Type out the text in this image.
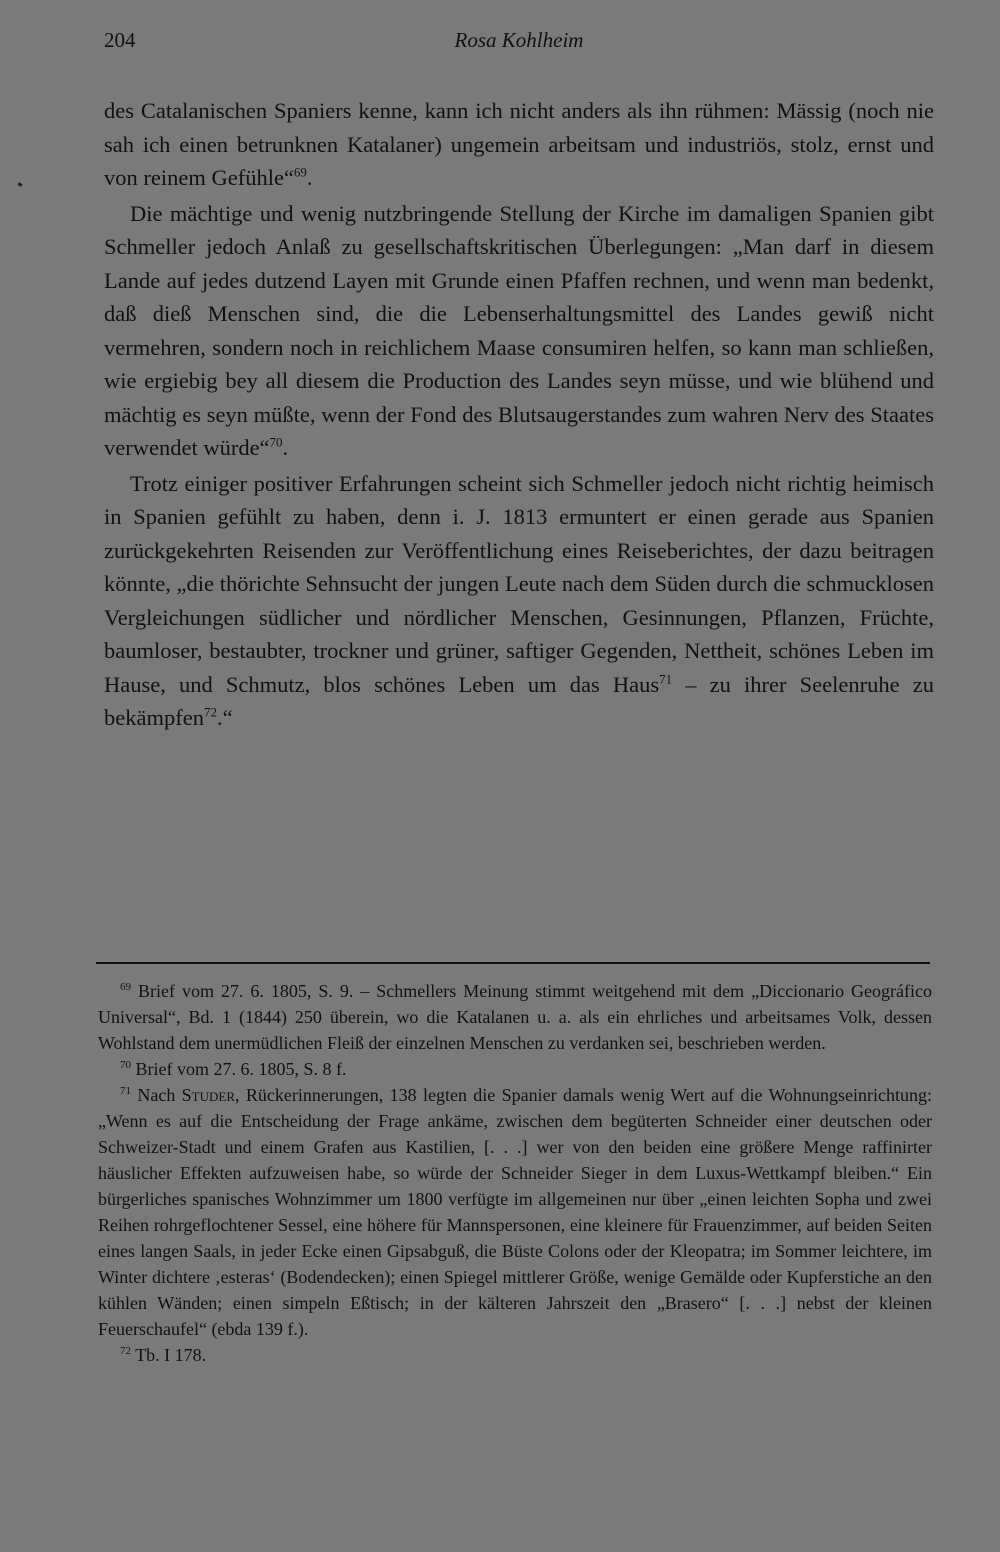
204	Rosa Kohlheim

des Catalanischen Spaniers kenne, kann ich nicht anders als ihn rühmen: Mässig (noch nie sah ich einen betrunknen Katalaner) ungemein arbeitsam und industriös, stolz, ernst und von reinem Gefühle“$^{69}$.

Die mächtige und wenig nutzbringende Stellung der Kirche im damaligen Spanien gibt Schmeller jedoch Anlaß zu gesellschaftskritischen Überlegungen: „Man darf in diesem Lande auf jedes dutzend Layen mit Grunde einen Pfaffen rechnen, und wenn man bedenkt, daß dieß Menschen sind, die die Lebenserhaltungsmittel des Landes gewiß nicht vermehren, sondern noch in reichlichem Maase consumiren helfen, so kann man schließen, wie ergiebig bey all diesem die Production des Landes seyn müsse, und wie blühend und mächtig es seyn müßte, wenn der Fond des Blutsaugerstandes zum wahren Nerv des Staates verwendet würde“$^{70}$.

Trotz einiger positiver Erfahrungen scheint sich Schmeller jedoch nicht richtig heimisch in Spanien gefühlt zu haben, denn i. J. 1813 ermuntert er einen gerade aus Spanien zurückgekehrten Reisenden zur Veröffentlichung eines Reiseberichtes, der dazu beitragen könnte, „die thörichte Sehnsucht der jungen Leute nach dem Süden durch die schmucklosen Vergleichungen südlicher und nördlicher Menschen, Gesinnungen, Pflanzen, Früchte, baumloser, bestaubter, trockner und grüner, saftiger Gegenden, Nettheit, schönes Leben im Hause, und Schmutz, blos schönes Leben um das Haus$^{71}$ – zu ihrer Seelenruhe zu bekämpfen$^{72}$.“

$^{69}$ Brief vom 27. 6. 1805, S. 9. – Schmellers Meinung stimmt weitgehend mit dem „Diccionario Geográfico Universal“, Bd. 1 (1844) 250 überein, wo die Katalanen u. a. als ein ehrliches und arbeitsames Volk, dessen Wohlstand dem unermüdlichen Fleiß der einzelnen Menschen zu verdanken sei, beschrieben werden.

$^{70}$ Brief vom 27. 6. 1805, S. 8 f.

$^{71}$ Nach Studer, Rückerinnerungen, 138 legten die Spanier damals wenig Wert auf die Wohnungseinrichtung: „Wenn es auf die Entscheidung der Frage ankäme, zwischen dem begüterten Schneider einer deutschen oder Schweizer-Stadt und einem Grafen aus Kastilien, [. . .] wer von den beiden eine größere Menge raffinirter häuslicher Effekten aufzuweisen habe, so würde der Schneider Sieger in dem Luxus-Wettkampf bleiben.“ Ein bürgerliches spanisches Wohnzimmer um 1800 verfügte im allgemeinen nur über „einen leichten Sopha und zwei Reihen rohrgeflochtener Sessel, eine höhere für Mannspersonen, eine kleinere für Frauenzimmer, auf beiden Seiten eines langen Saals, in jeder Ecke einen Gipsabguß, die Büste Colons oder der Kleopatra; im Sommer leichtere, im Winter dichtere ‚esteras‘ (Bodendecken); einen Spiegel mittlerer Größe, wenige Gemälde oder Kupferstiche an den kühlen Wänden; einen simpeln Eßtisch; in der kälteren Jahrszeit den „Brasero“ [. . .] nebst der kleinen Feuerschaufel“ (ebda 139 f.).

$^{72}$ Tb. I 178.
